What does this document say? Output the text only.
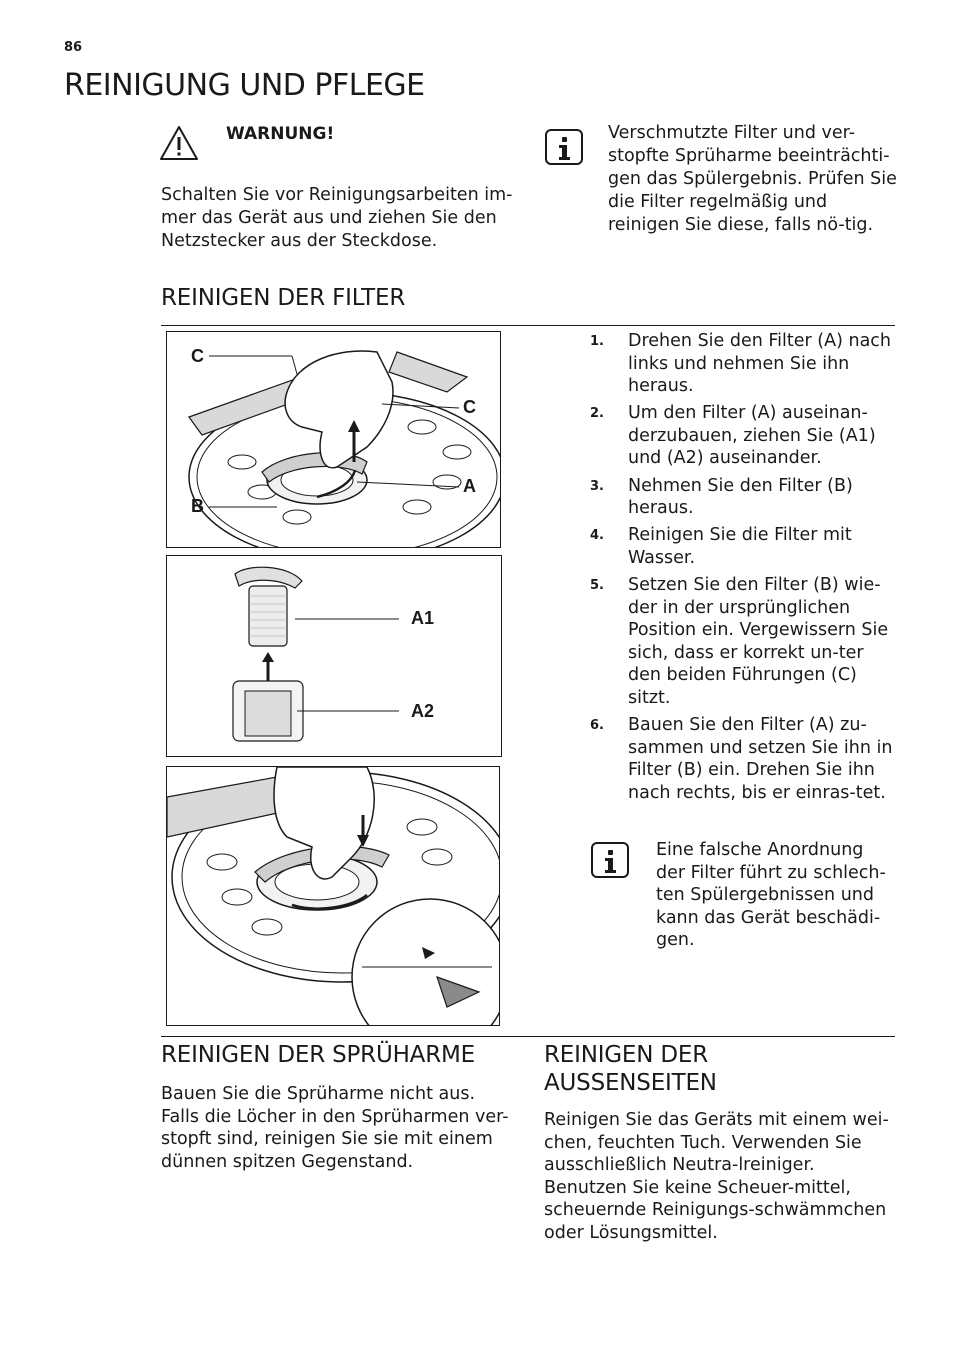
86
REINIGUNG UND PFLEGE
WARNUNG!
Schalten Sie vor Reinigungsarbeiten im-mer das Gerät aus und ziehen Sie den Netzstecker aus der Steckdose.
Verschmutzte Filter und ver-stopfte Sprüharme beeinträchti-gen das Spülergebnis. Prüfen Sie die Filter regelmäßig und reinigen Sie diese, falls nö-tig.
REINIGEN DER FILTER
C
C
A
B
A1
A2
1. Drehen Sie den Filter (A) nach links und nehmen Sie ihn heraus.
2. Um den Filter (A) auseinan-derzubauen, ziehen Sie (A1) und (A2) auseinander.
3. Nehmen Sie den Filter (B) heraus.
4. Reinigen Sie die Filter mit Wasser.
5. Setzen Sie den Filter (B) wie-der in der ursprünglichen Position ein. Vergewissern Sie sich, dass er korrekt un-ter den beiden Führungen (C) sitzt.
6. Bauen Sie den Filter (A) zu-sammen und setzen Sie ihn in Filter (B) ein. Drehen Sie ihn nach rechts, bis er einras-tet.
Eine falsche Anordnung der Filter führt zu schlech-ten Spülergebnissen und kann das Gerät beschädi-gen.
REINIGEN DER SPRÜHARME
Bauen Sie die Sprüharme nicht aus. Falls die Löcher in den Sprüharmen ver-stopft sind, reinigen Sie sie mit einem dünnen spitzen Gegenstand.
REINIGEN DER AUSSENSEITEN
Reinigen Sie das Geräts mit einem wei-chen, feuchten Tuch. Verwenden Sie ausschließlich Neutra-lreiniger. Benutzen Sie keine Scheuer-mittel, scheuernde Reinigungs-schwämmchen oder Lösungsmittel.
